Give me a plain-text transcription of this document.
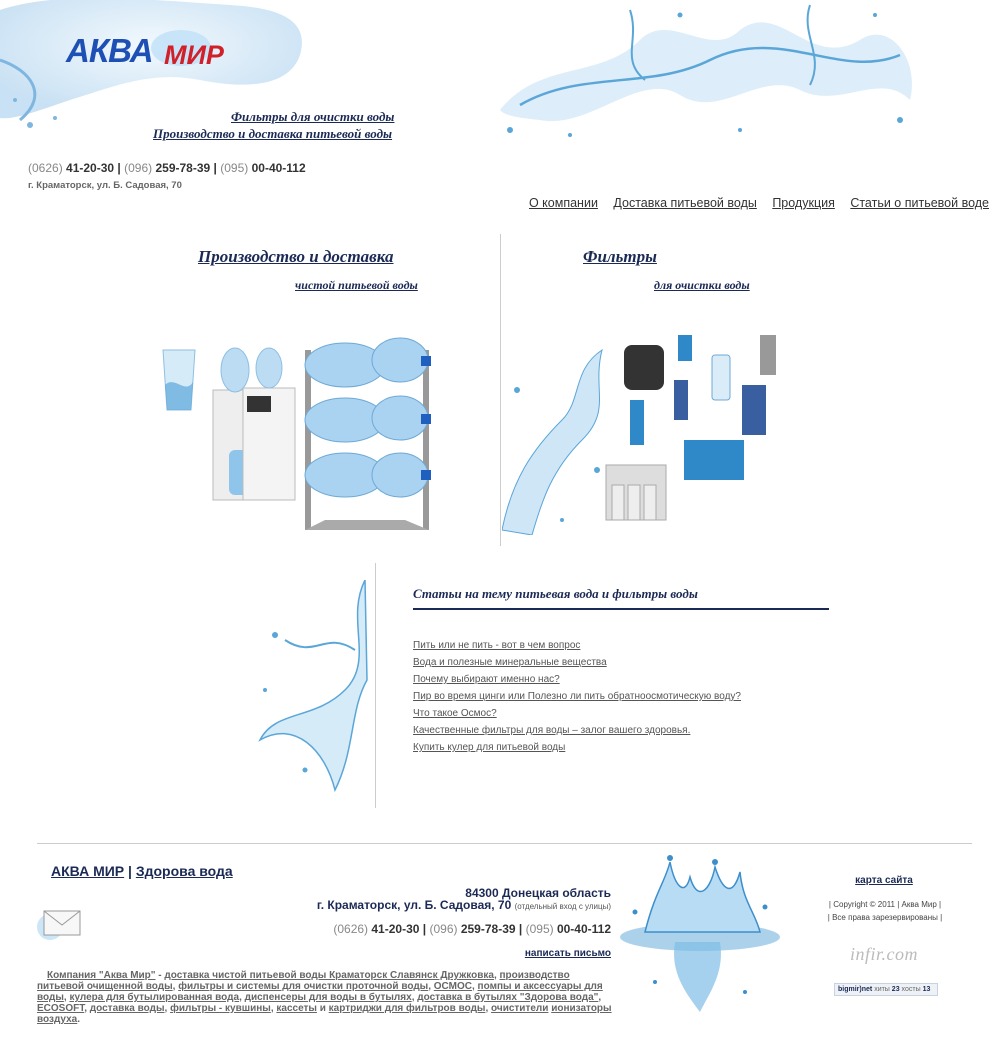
АКВА МИР
Фильтры для очистки воды
Производство и доставка питьевой воды
(0626) 41-20-30 | (096) 259-78-39 | (095) 00-40-112
г. Краматорск, ул. Б. Садовая, 70
О компании Доставка питьевой воды Продукция Статьи о питьевой воде
Производство и доставка
чистой питьевой воды
Фильтры
для очистки воды
Статьи на тему питьевая вода и фильтры воды
Пить или не пить - вот в чем вопрос
Вода и полезные минеральные вещества
Почему выбирают именно нас?
Пир во время цинги или Полезно ли пить обратноосмотическую воду?
Что такое Осмос?
Качественные фильтры для воды – залог вашего здоровья.
Купить кулер для питьевой воды
АКВА МИР | Здорова вода
84300 Донецкая область
г. Краматорск, ул. Б. Садовая, 70 (отдельный вход с улицы)
(0626) 41-20-30 | (096) 259-78-39 | (095) 00-40-112
написать письмо
Компания "Аква Мир" - доставка чистой питьевой воды Краматорск Славянск Дружковка, производство питьевой очищенной воды, фильтры и системы для очистки проточной воды, ОСМОС, помпы и аксессуары для воды, кулера для бутылированная вода, диспенсеры для воды в бутылях, доставка в бутылях "Здорова вода", ECOSOFT, доставка воды, фильтры - кувшины, кассеты и картриджи для фильтров воды, очистители ионизаторы воздуха.
карта сайта
| Copyright © 2011 | Аква Мир |
| Все права зарезервированы |
infir.com
bigmir)net хиты 23 хосты 13
